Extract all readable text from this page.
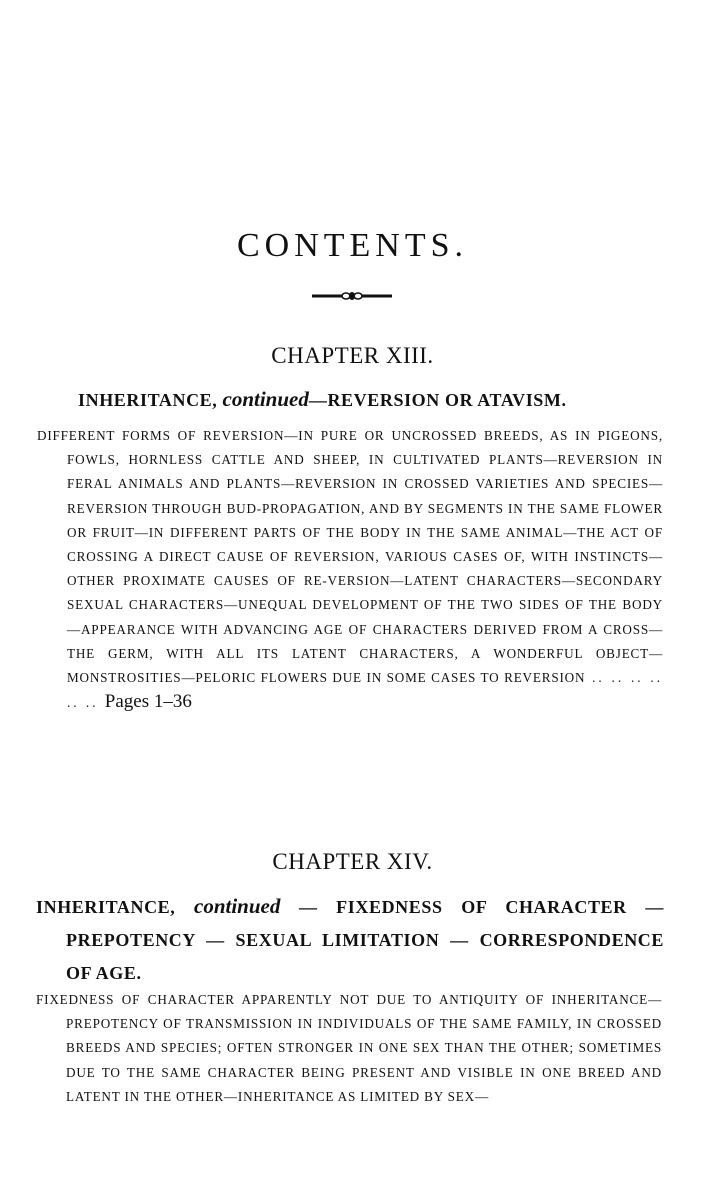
CONTENTS.
CHAPTER XIII.

INHERITANCE, continued—REVERSION OR ATAVISM.

DIFFERENT FORMS OF REVERSION—IN PURE OR UNCROSSED BREEDS, AS IN PIGEONS, FOWLS, HORNLESS CATTLE AND SHEEP, IN CULTIVATED PLANTS—REVERSION IN FERAL ANIMALS AND PLANTS—REVERSION IN CROSSED VARIETIES AND SPECIES—REVERSION THROUGH BUD-PROPAGATION, AND BY SEGMENTS IN THE SAME FLOWER OR FRUIT—IN DIFFERENT PARTS OF THE BODY IN THE SAME ANIMAL—THE ACT OF CROSSING A DIRECT CAUSE OF REVERSION, VARIOUS CASES OF, WITH INSTINCTS—OTHER PROXIMATE CAUSES OF RE-VERSION—LATENT CHARACTERS—SECONDARY SEXUAL CHARACTERS—UNEQUAL DEVELOPMENT OF THE TWO SIDES OF THE BODY—APPEARANCE WITH ADVANCING AGE OF CHARACTERS DERIVED FROM A CROSS—THE GERM, WITH ALL ITS LATENT CHARACTERS, A WONDERFUL OBJECT—MONSTROSITIES—PELORIC FLOWERS DUE IN SOME CASES TO REVERSION .. .. .. .. .. .. Pages 1–36

CHAPTER XIV.

INHERITANCE, continued — FIXEDNESS OF CHARACTER — PREPOTENCY — SEXUAL LIMITATION — CORRESPONDENCE OF AGE.

FIXEDNESS OF CHARACTER APPARENTLY NOT DUE TO ANTIQUITY OF INHERITANCE—PREPOTENCY OF TRANSMISSION IN INDIVIDUALS OF THE SAME FAMILY, IN CROSSED BREEDS AND SPECIES; OFTEN STRONGER IN ONE SEX THAN THE OTHER; SOMETIMES DUE TO THE SAME CHARACTER BEING PRESENT AND VISIBLE IN ONE BREED AND LATENT IN THE OTHER—INHERITANCE AS LIMITED BY SEX—
